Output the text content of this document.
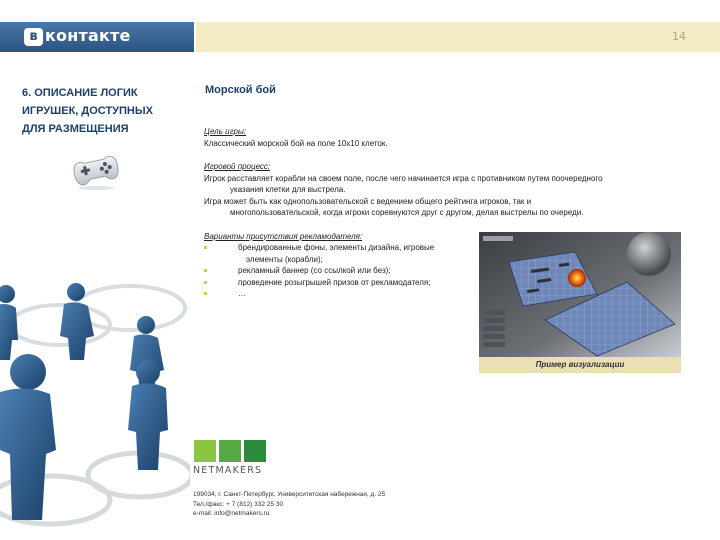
в контакте	14
6. ОПИСАНИЕ ЛОГИК
ИГРУШЕК, ДОСТУПНЫХ
ДЛЯ РАЗМЕЩЕНИЯ
Морской бой

Цель игры:

Классический морской бой на поле 10х10 клеток.

Игровой процесс:

Игрок расставляет корабли на своем поле, после чего начинается игра с противником путем поочередного

указания клетки для выстрела.

Игра может быть как однопользовательской с ведением общего рейтинга игроков, так и

многопользовательской, когда игроки соревнуются друг с другом, делая выстрелы по очереди.

Варианты присутствия рекламодателя:

брендированные фоны, элементы дизайна, игровые

элементы (корабли);

рекламный баннер (со ссылкой или без);

проведение розыгрышей призов от рекламодателя;

…

Пример визуализации
NETMAKERS

199034, г. Санкт-Петербург, Университетская набережная, д. 25

Тел./факс: + 7 (812) 332 25 30

e-mail: info@netmakers.ru
